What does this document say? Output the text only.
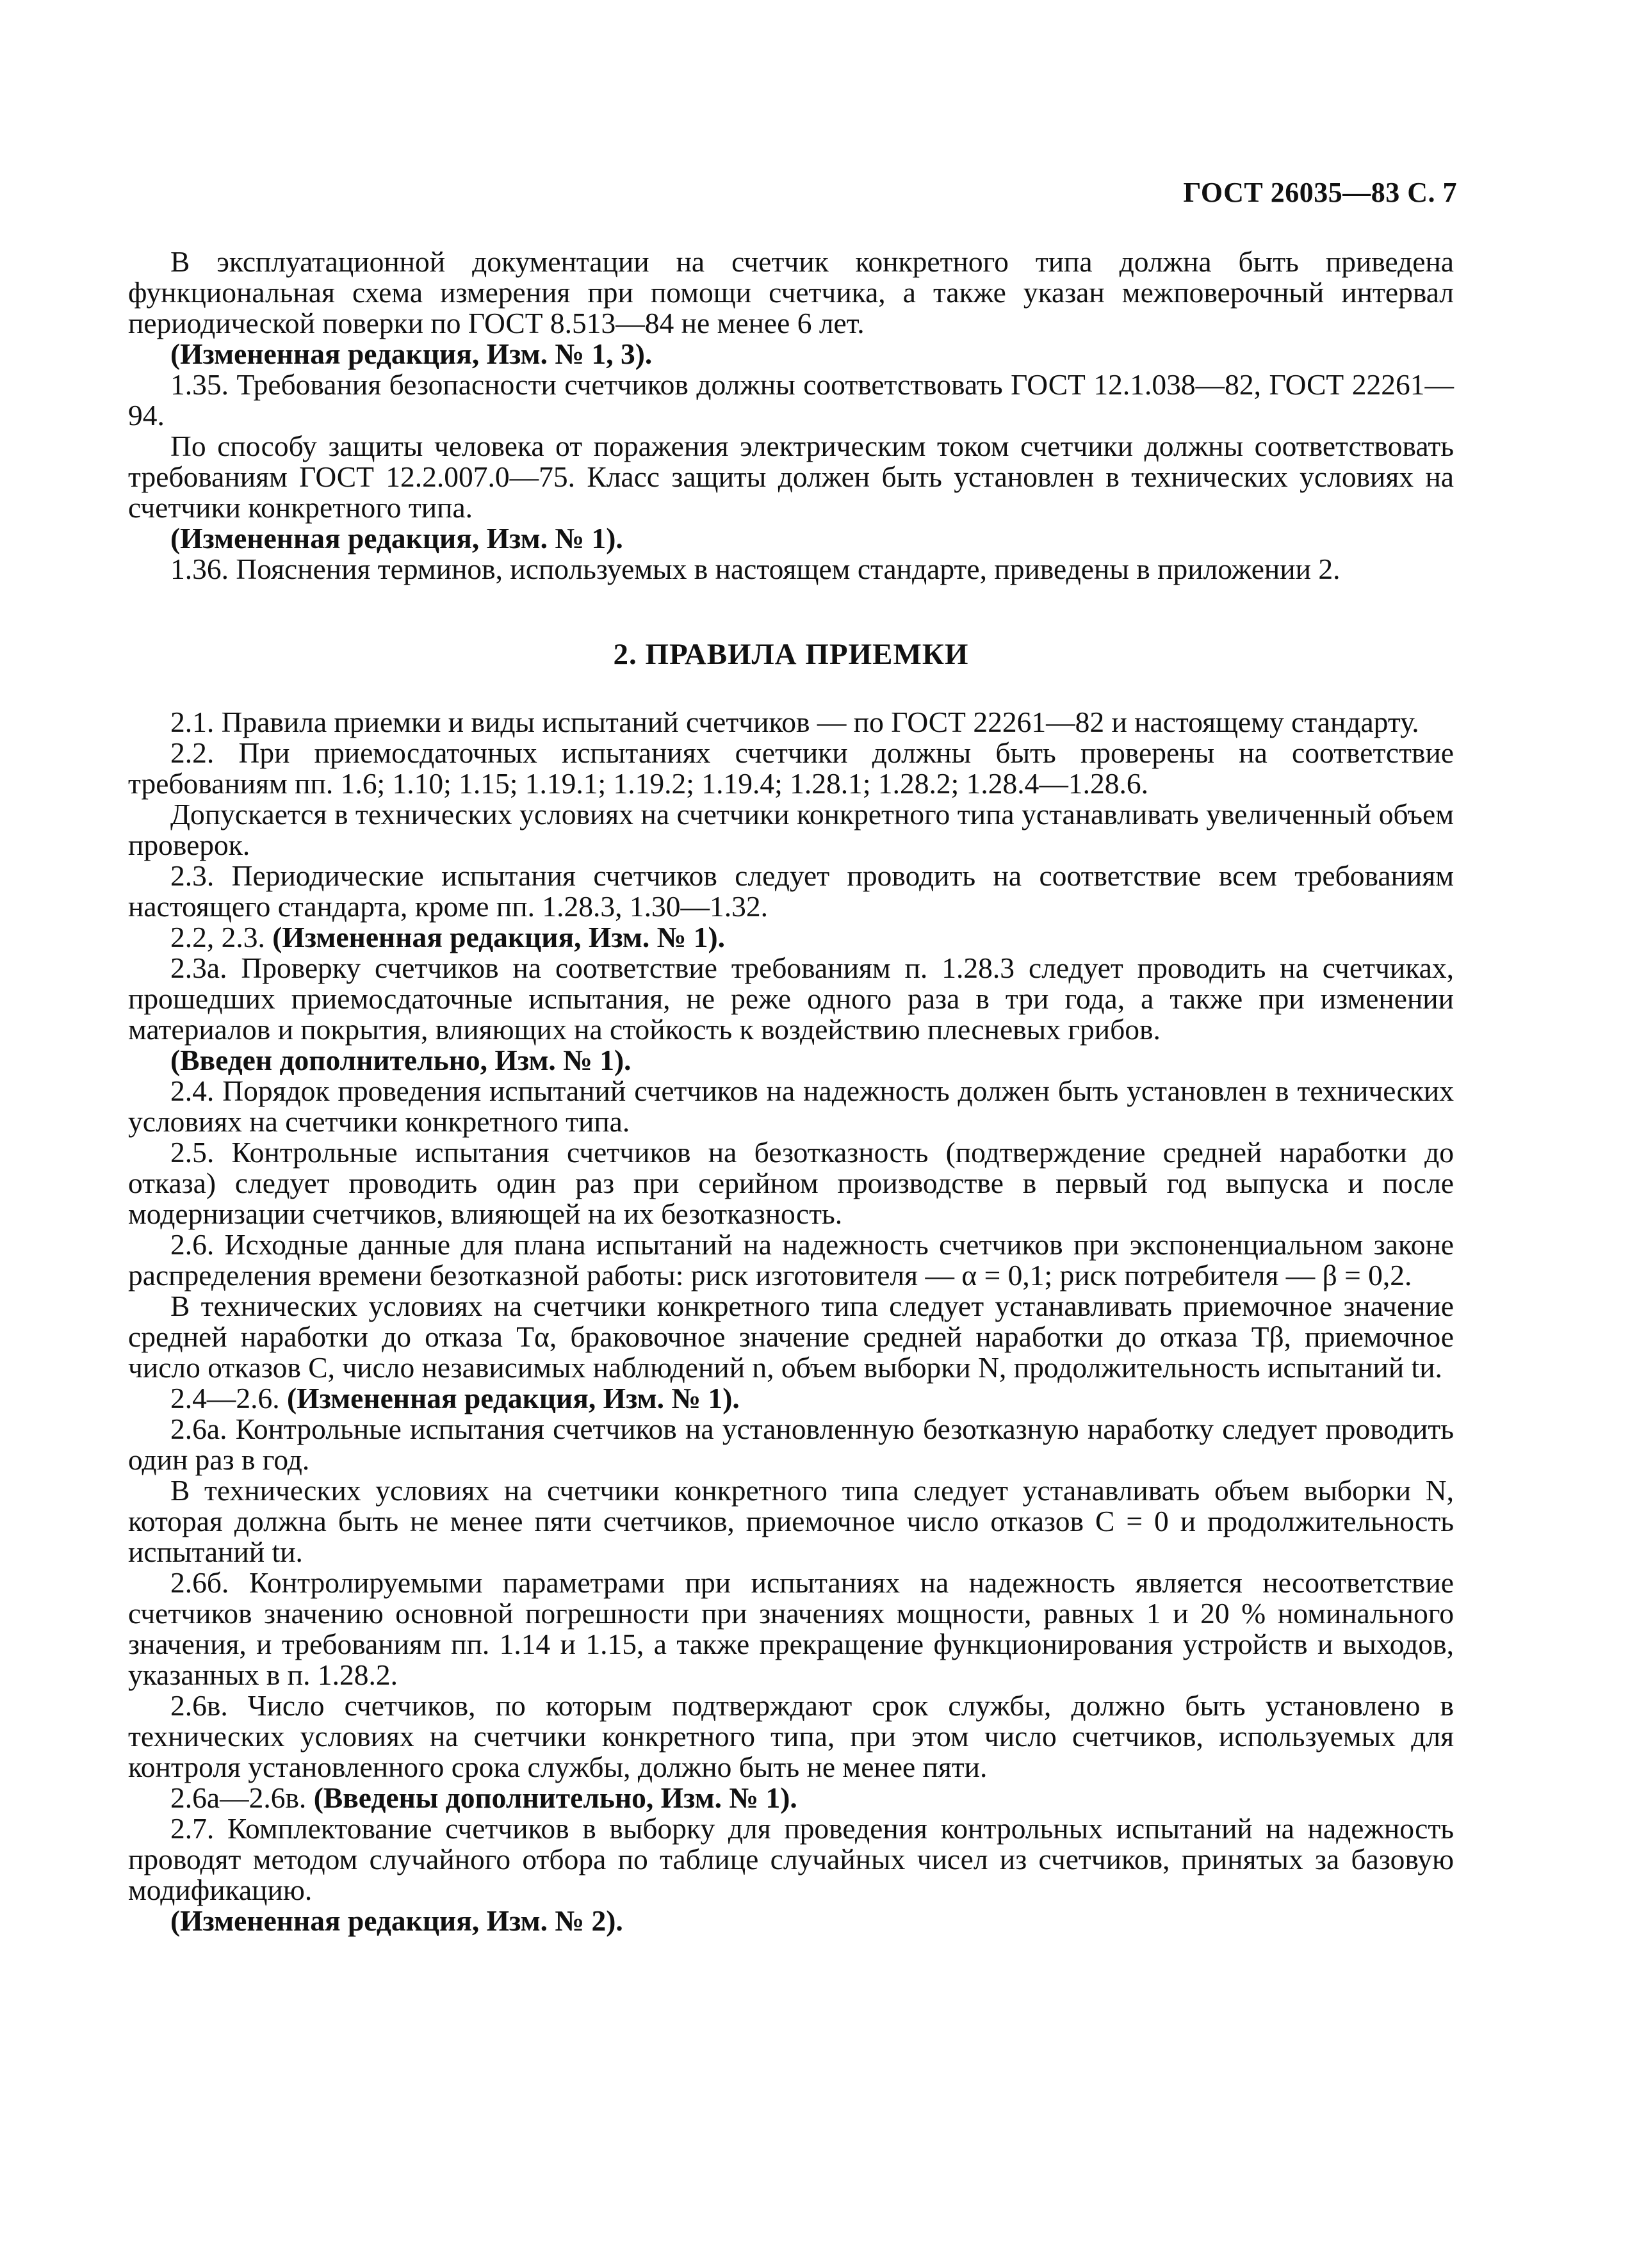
ГОСТ 26035—83 С. 7

В эксплуатационной документации на счетчик конкретного типа должна быть приведена функциональная схема измерения при помощи счетчика, а также указан межповерочный интервал периодической поверки по ГОСТ 8.513—84 не менее 6 лет.

(Измененная редакция, Изм. № 1, 3).

1.35. Требования безопасности счетчиков должны соответствовать ГОСТ 12.1.038—82, ГОСТ 22261—94.

По способу защиты человека от поражения электрическим током счетчики должны соответствовать требованиям ГОСТ 12.2.007.0—75. Класс защиты должен быть установлен в технических условиях на счетчики конкретного типа.

(Измененная редакция, Изм. № 1).

1.36. Пояснения терминов, используемых в настоящем стандарте, приведены в приложении 2.

2. ПРАВИЛА ПРИЕМКИ

2.1. Правила приемки и виды испытаний счетчиков — по ГОСТ 22261—82 и настоящему стандарту.

2.2. При приемосдаточных испытаниях счетчики должны быть проверены на соответствие требованиям пп. 1.6; 1.10; 1.15; 1.19.1; 1.19.2; 1.19.4; 1.28.1; 1.28.2; 1.28.4—1.28.6.

Допускается в технических условиях на счетчики конкретного типа устанавливать увеличенный объем проверок.

2.3. Периодические испытания счетчиков следует проводить на соответствие всем требованиям настоящего стандарта, кроме пп. 1.28.3, 1.30—1.32.

2.2, 2.3. (Измененная редакция, Изм. № 1).

2.3а. Проверку счетчиков на соответствие требованиям п. 1.28.3 следует проводить на счетчиках, прошедших приемосдаточные испытания, не реже одного раза в три года, а также при изменении материалов и покрытия, влияющих на стойкость к воздействию плесневых грибов.

(Введен дополнительно, Изм. № 1).

2.4. Порядок проведения испытаний счетчиков на надежность должен быть установлен в технических условиях на счетчики конкретного типа.

2.5. Контрольные испытания счетчиков на безотказность (подтверждение средней наработки до отказа) следует проводить один раз при серийном производстве в первый год выпуска и после модернизации счетчиков, влияющей на их безотказность.

2.6. Исходные данные для плана испытаний на надежность счетчиков при экспоненциальном законе распределения времени безотказной работы: риск изготовителя — α = 0,1; риск потребителя — β = 0,2.

В технических условиях на счетчики конкретного типа следует устанавливать приемочное значение средней наработки до отказа Tα, браковочное значение средней наработки до отказа Tβ, приемочное число отказов C, число независимых наблюдений n, объем выборки N, продолжительность испытаний tи.

2.4—2.6. (Измененная редакция, Изм. № 1).

2.6а. Контрольные испытания счетчиков на установленную безотказную наработку следует проводить один раз в год.

В технических условиях на счетчики конкретного типа следует устанавливать объем выборки N, которая должна быть не менее пяти счетчиков, приемочное число отказов C = 0 и продолжительность испытаний tи.

2.6б. Контролируемыми параметрами при испытаниях на надежность является несоответствие счетчиков значению основной погрешности при значениях мощности, равных 1 и 20 % номинального значения, и требованиям пп. 1.14 и 1.15, а также прекращение функционирования устройств и выходов, указанных в п. 1.28.2.

2.6в. Число счетчиков, по которым подтверждают срок службы, должно быть установлено в технических условиях на счетчики конкретного типа, при этом число счетчиков, используемых для контроля установленного срока службы, должно быть не менее пяти.

2.6а—2.6в. (Введены дополнительно, Изм. № 1).

2.7. Комплектование счетчиков в выборку для проведения контрольных испытаний на надежность проводят методом случайного отбора по таблице случайных чисел из счетчиков, принятых за базовую модификацию.

(Измененная редакция, Изм. № 2).
